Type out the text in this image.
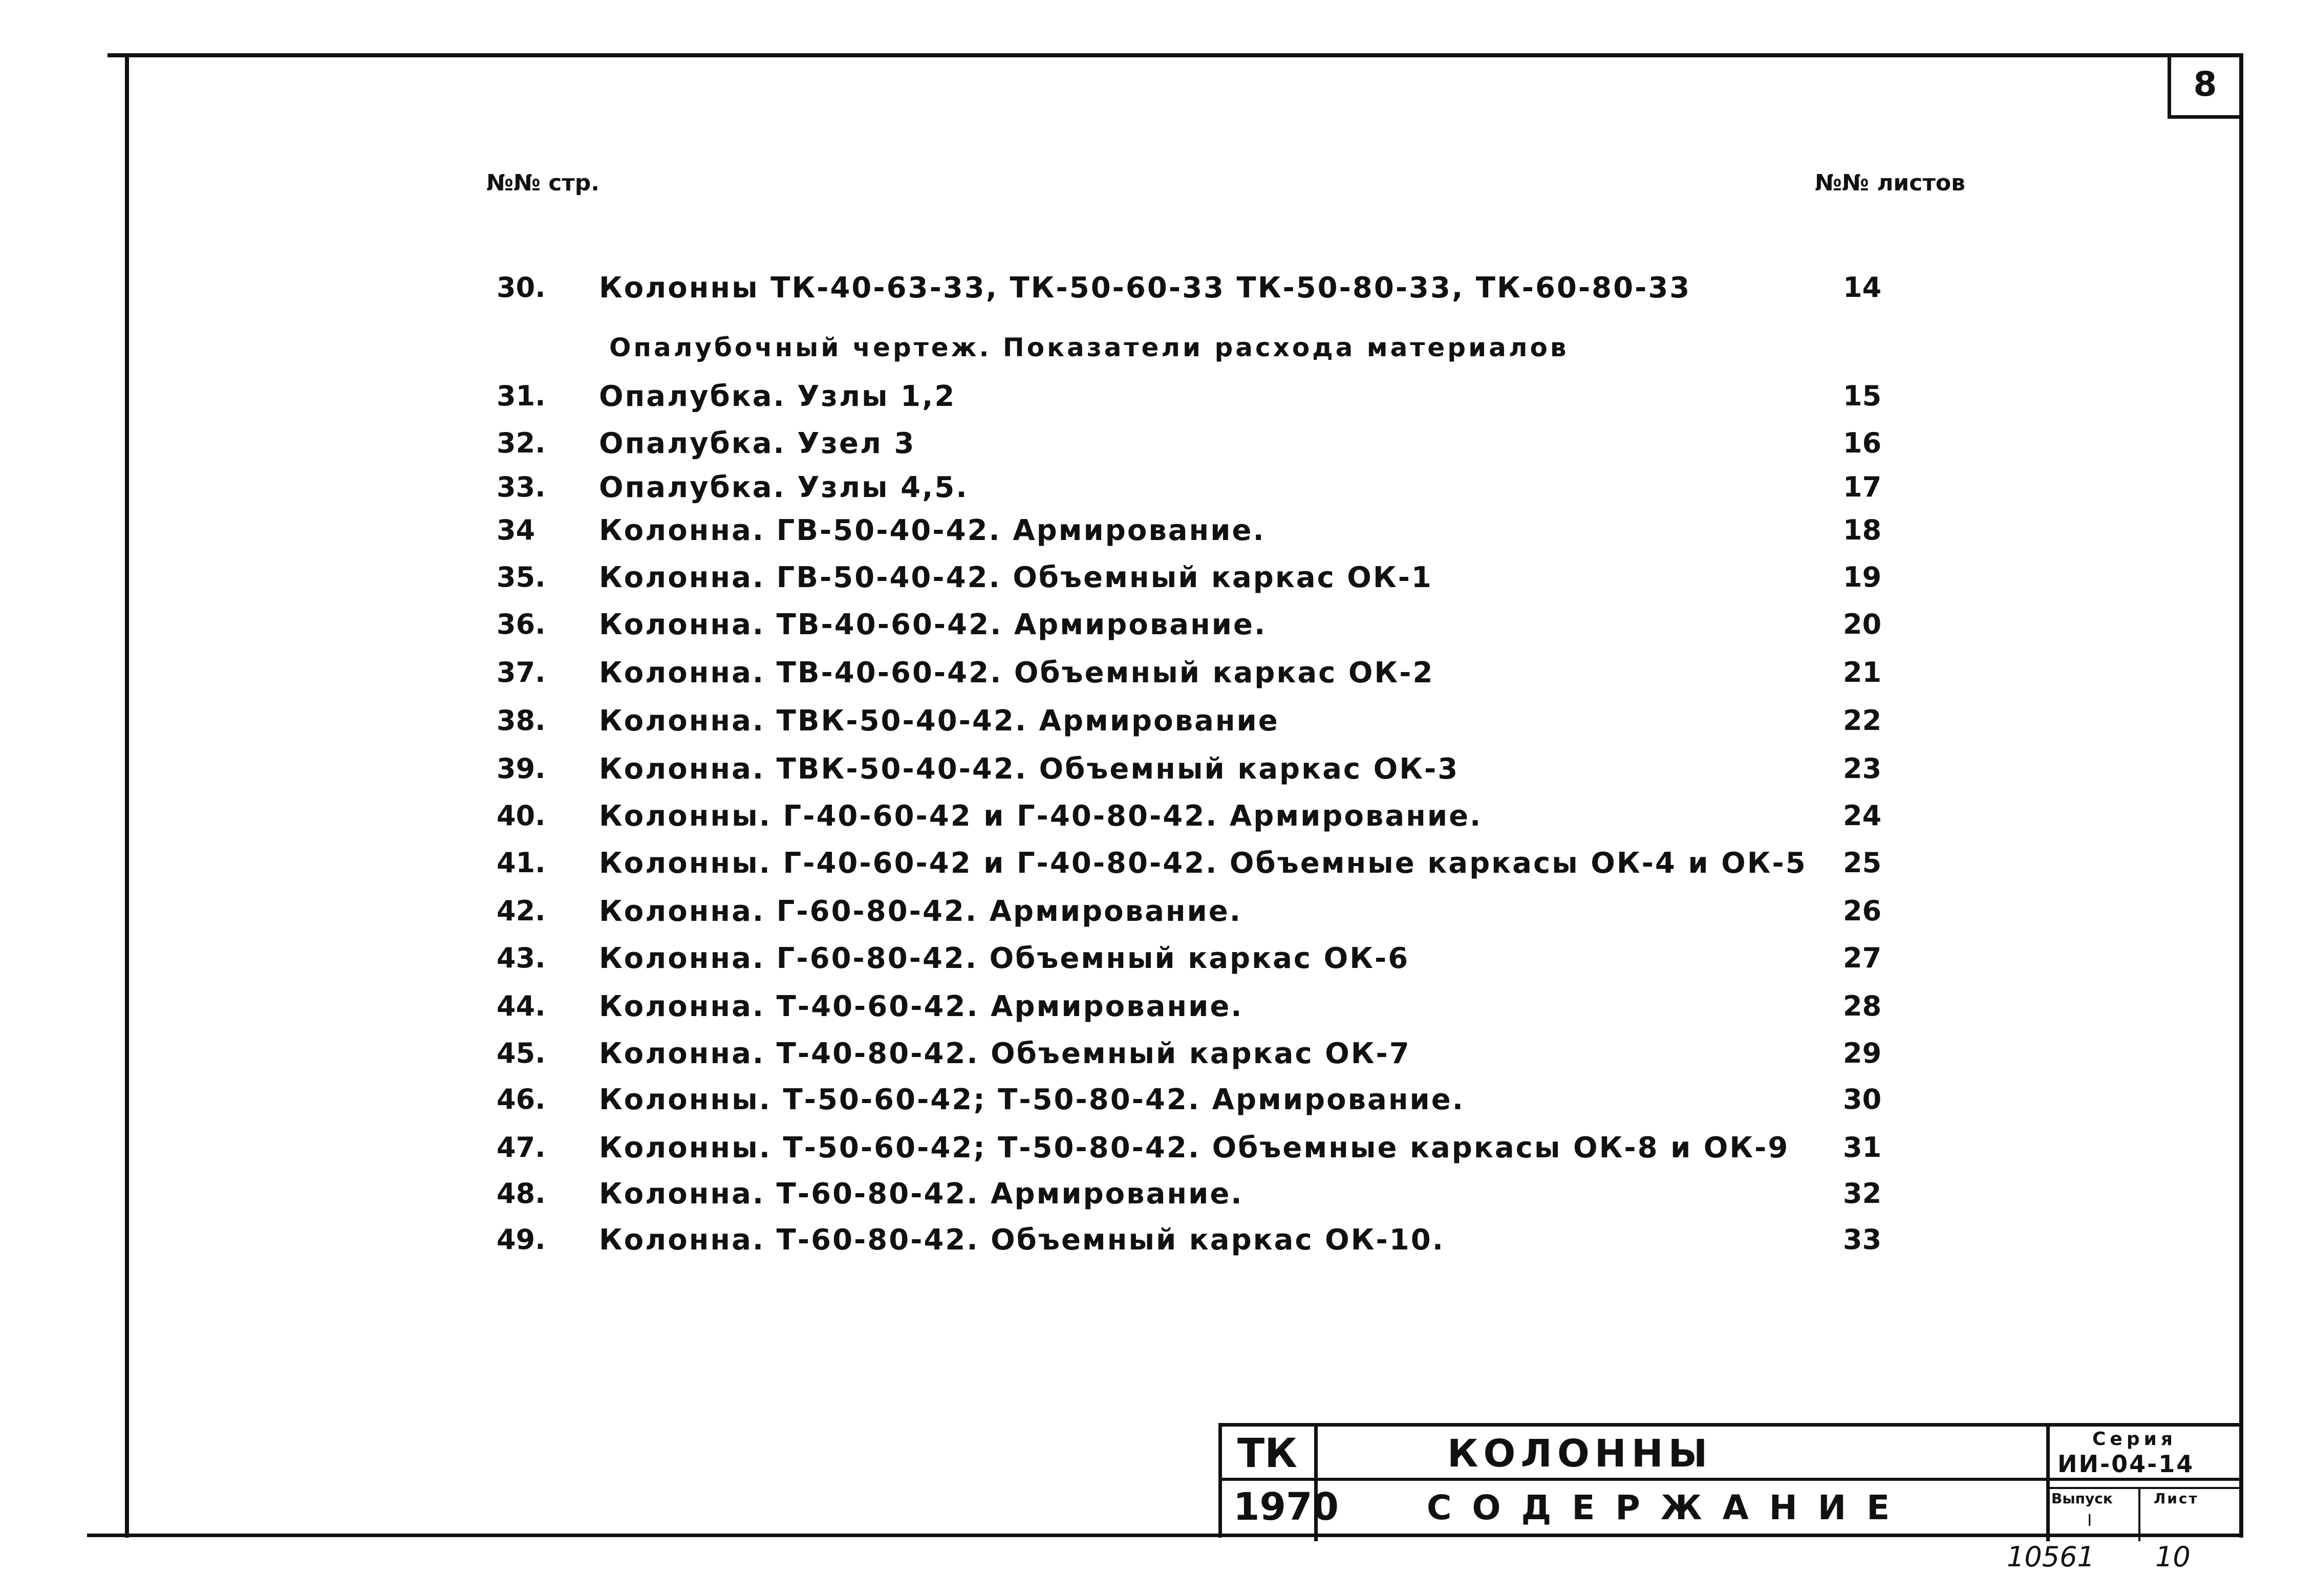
8
№№ стр.	№№ листов
30. Колонны ТК-40-63-33, ТК-50-60-33 ТК-50-80-33, ТК-60-80-33	14
Опалубочный чертеж. Показатели расхода материалов
31. Опалубка. Узлы 1,2	15
32. Опалубка. Узел 3	16
33. Опалубка. Узлы 4,5.	17
34 Колонна. ГВ-50-40-42. Армирование.	18
35. Колонна. ГВ-50-40-42. Объемный каркас ОК-1	19
36. Колонна. ТВ-40-60-42. Армирование.	20
37. Колонна. ТВ-40-60-42. Объемный каркас ОК-2	21
38. Колонна. ТВК-50-40-42. Армирование	22
39. Колонна. ТВК-50-40-42. Объемный каркас ОК-3	23
40. Колонны. Г-40-60-42 и Г-40-80-42. Армирование.	24
41. Колонны. Г-40-60-42 и Г-40-80-42. Объемные каркасы ОК-4 и ОК-5 25
42. Колонна. Г-60-80-42. Армирование.	26
43. Колонна. Г-60-80-42. Объемный каркас ОК-6	27
44. Колонна. Т-40-60-42. Армирование.	28
45. Колонна. Т-40-80-42. Объемный каркас ОК-7	29
46. Колонны. Т-50-60-42; Т-50-80-42. Армирование.	30
47. Колонны. Т-50-60-42; Т-50-80-42. Объемные каркасы ОК-8 и ОК-9 31
48. Колонна. Т-60-80-42. Армирование.	32
49. Колонна. Т-60-80-42. Объемный каркас ОК-10.	33
ТК
1970
КОЛОННЫ
СОДЕРЖАНИЕ
Серия
ИИ-04-14
Выпуск	Лист
I
10561 10
